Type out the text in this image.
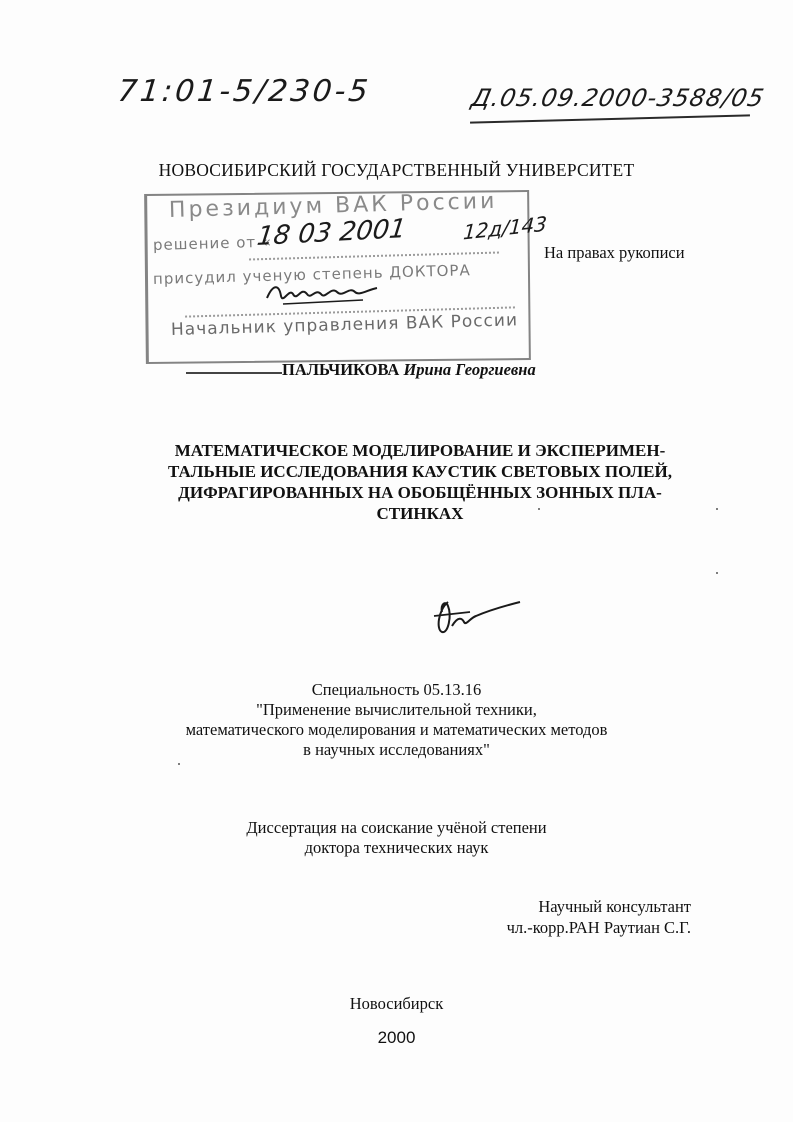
71:01-5/230-5	Д.05.09.2000-3588/05
НОВОСИБИРСКИЙ ГОСУДАРСТВЕННЫЙ УНИВЕРСИТЕТ
Президиум ВАК России
решение от «
присудил ученую степень ДОКТОРА
Начальник управления ВАК России
18 03 2001	12д/143
На правах рукописи
ПАЛЬЧИКОВА Ирина Георгиевна
МАТЕМАТИЧЕСКОЕ МОДЕЛИРОВАНИЕ И ЭКСПЕРИМЕН-
ТАЛЬНЫЕ ИССЛЕДОВАНИЯ КАУСТИК СВЕТОВЫХ ПОЛЕЙ,
ДИФРАГИРОВАННЫХ НА ОБОБЩЁННЫХ ЗОННЫХ ПЛА-
СТИНКАХ
Специальность 05.13.16
"Применение вычислительной техники,
математического моделирования и математических методов
в научных исследованиях"
Диссертация на соискание учёной степени
доктора технических наук
Научный консультант
чл.-корр.РАН Раутиан С.Г.
Новосибирск
2000
